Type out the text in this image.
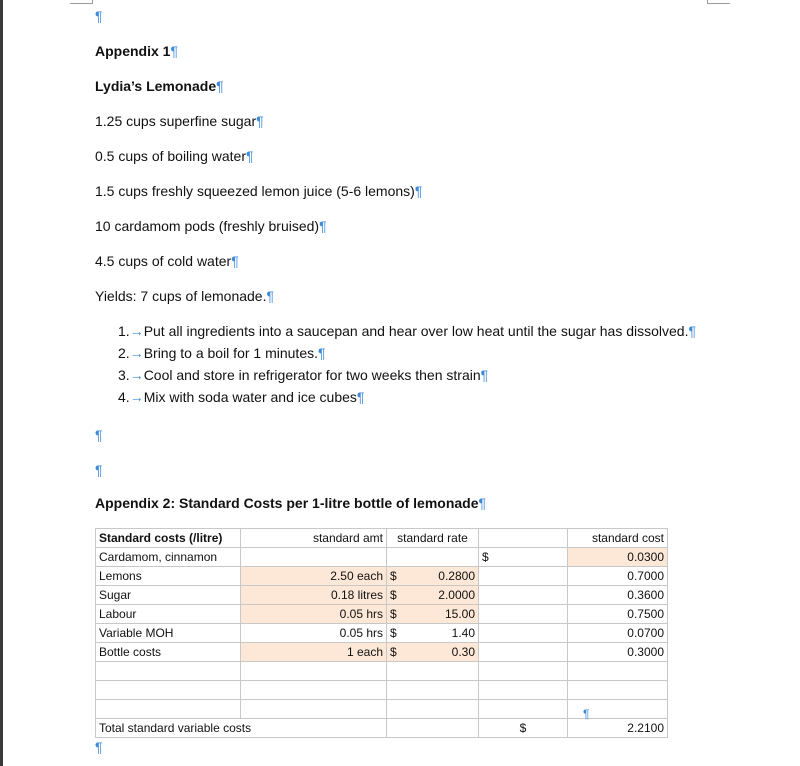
¶
Appendix 1¶
Lydia’s Lemonade¶
1.25 cups superfine sugar¶
0.5 cups of boiling water¶
1.5 cups freshly squeezed lemon juice (5-6 lemons)¶
10 cardamom pods (freshly bruised)¶
4.5 cups of cold water¶
Yields: 7 cups of lemonade.¶
1.→Put all ingredients into a saucepan and hear over low heat until the sugar has dissolved.¶
2.→Bring to a boil for 1 minutes.¶
3.→Cool and store in refrigerator for two weeks then strain¶
4.→Mix with soda water and ice cubes¶
¶
¶
Appendix 2: Standard Costs per 1-litre bottle of lemonade¶
Standard costs (/litre)	standard amt	standard rate		standard cost
Cardamom, cinnamon			$	0.0300
Lemons	2.50 each	$ 0.2800		0.7000
Sugar	0.18 litres	$ 2.0000		0.3600
Labour	0.05 hrs	$ 15.00		0.7500
Variable MOH	0.05 hrs	$ 1.40		0.0700
Bottle costs	1 each	$ 0.30		0.3000

Total standard variable costs			$	2.2100
¶
¶
